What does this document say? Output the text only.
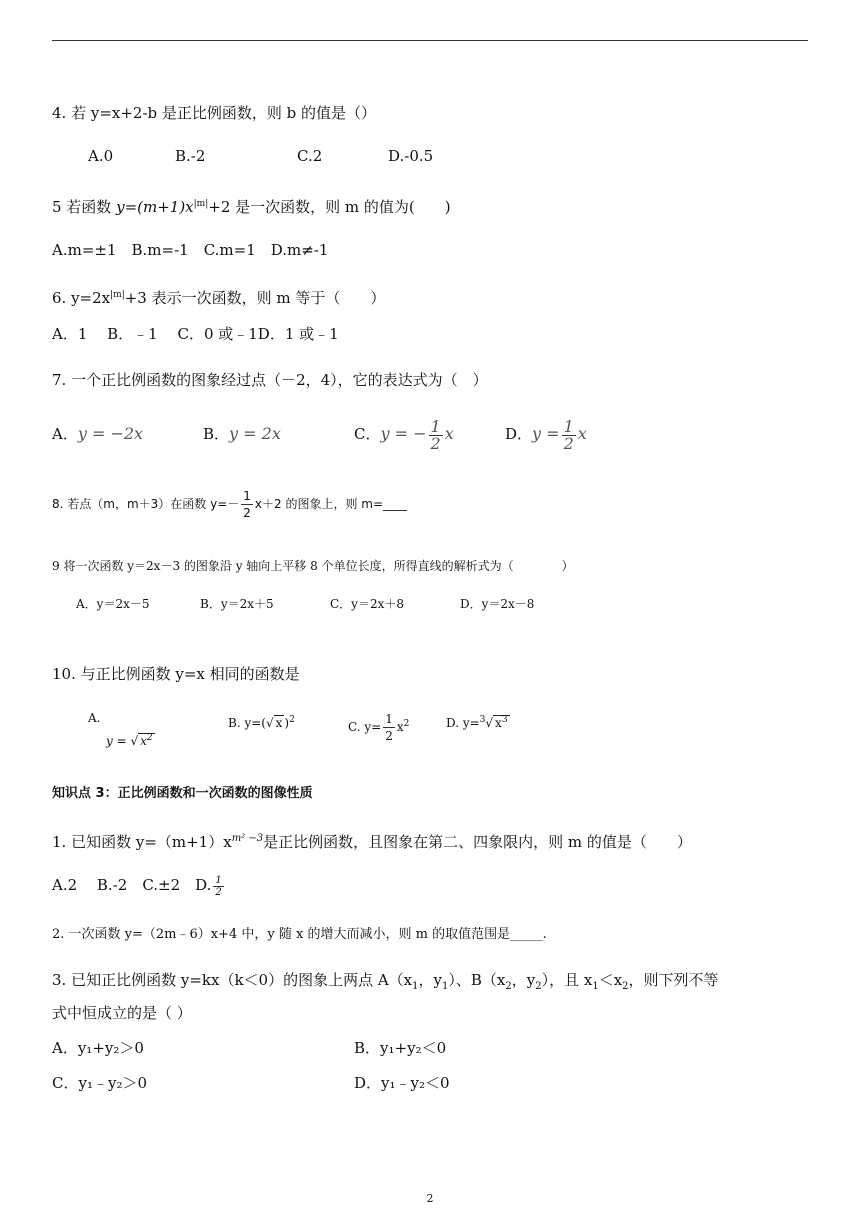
4. 若 y=x+2-b 是正比例函数，则 b 的值是（）
A.0	B.-2	C.2	D.-0.5
5 若函数 $y=(m+1)x^{|m|}+2$ 是一次函数，则 m 的值为(　　)
A.m=±1　B.m=-1　C.m=1　D.m≠-1
6. $y=2x^{|m|}+3$ 表示一次函数，则 m 等于（　　）
A．1　 B．﹣1　 C．0 或﹣1D．1 或﹣1
7. 一个正比例函数的图象经过点（－2，4），它的表达式为（　）
A．y = −2x	B．y = 2x	C．y = − $\frac{1}{2}$ x	D．$y = \frac{1}{2}$ x
8. 若点（m，m＋3）在函数 $y=- \frac{1}{2} x+2$ 的图象上，则 m=____
9 将一次函数 y＝2x－3 的图象沿 y 轴向上平移 8 个单位长度，所得直线的解析式为（　　　　）
A．y＝2x－5	B．y＝2x＋5	C．y＝2x＋8	D．y＝2x－8
10. 与正比例函数 y=x 相同的函数是
A.
y = √ $x^2$
B. y=(√ x )$^2$	C. $y= \frac{1}{2} x^2$	D. y=$^3$√ $x^3$
知识点 3：正比例函数和一次函数的图像性质
1. 已知函数 $y=(m+1)x^{m^2 -3}$是正比例函数，且图象在第二、四象限内，则 m 的值是（　　）
A.2　 B.-2　C.±2　D. $\frac{1}{2}$
2. 一次函数 y=（2m﹣6）x+4 中，y 随 x 的增大而减小，则 m 的取值范围是_____.
3. 已知正比例函数 y=kx（k＜0）的图象上两点 $A(x_1$，$y_1$）、$B(x_2$，$y_2$），且 $x_1<x_2$，则下列不等
式中恒成立的是（ ）
A．y₁+y₂＞0	B．y₁+y₂＜0
C．y₁﹣y₂＞0	D．y₁﹣y₂＜0
2
